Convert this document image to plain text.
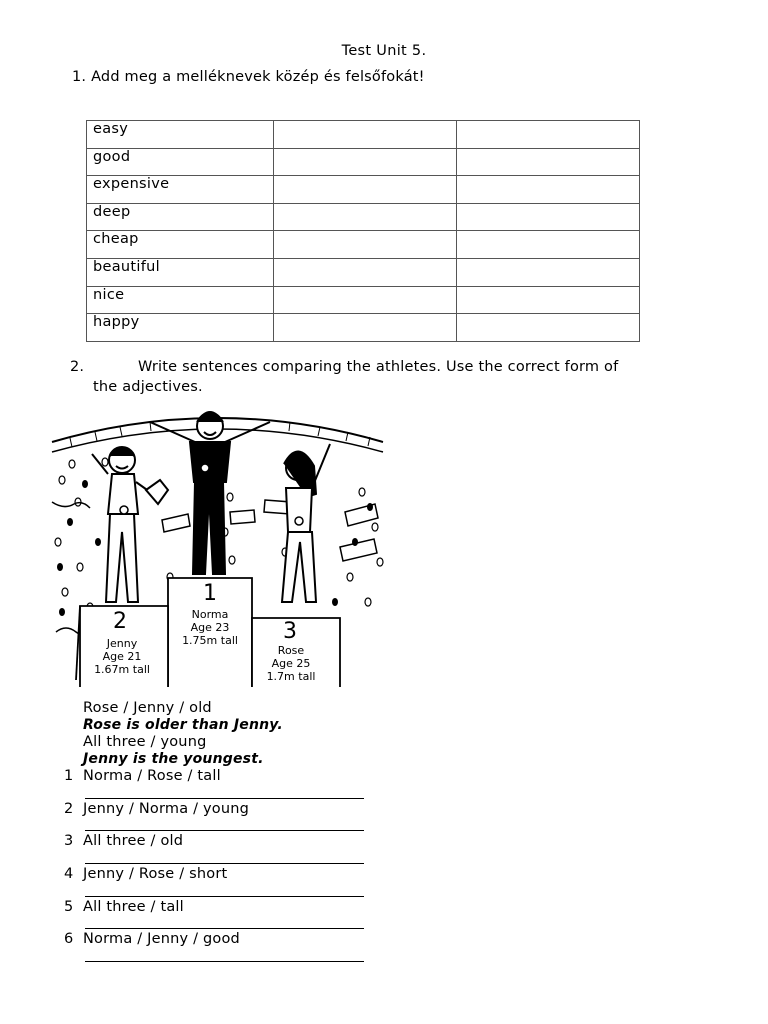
Test Unit 5.
1. Add meg a melléknevek közép és felsőfokát!
easy		
good		
expensive		
deep		
cheap		
beautiful		
nice		
happy		
2.	Write sentences comparing the athletes. Use the correct form of
the adjectives.
1
Norma
Age 23
1.75m tall
2
Jenny
Age 21
1.67m tall
3
Rose
Age 25
1.7m tall
Rose / Jenny / old
Rose is older than Jenny.
All three / young
Jenny is the youngest.
1 Norma / Rose / tall
2 Jenny / Norma / young
3 All three / old
4 Jenny / Rose / short
5 All three / tall
6 Norma / Jenny / good
